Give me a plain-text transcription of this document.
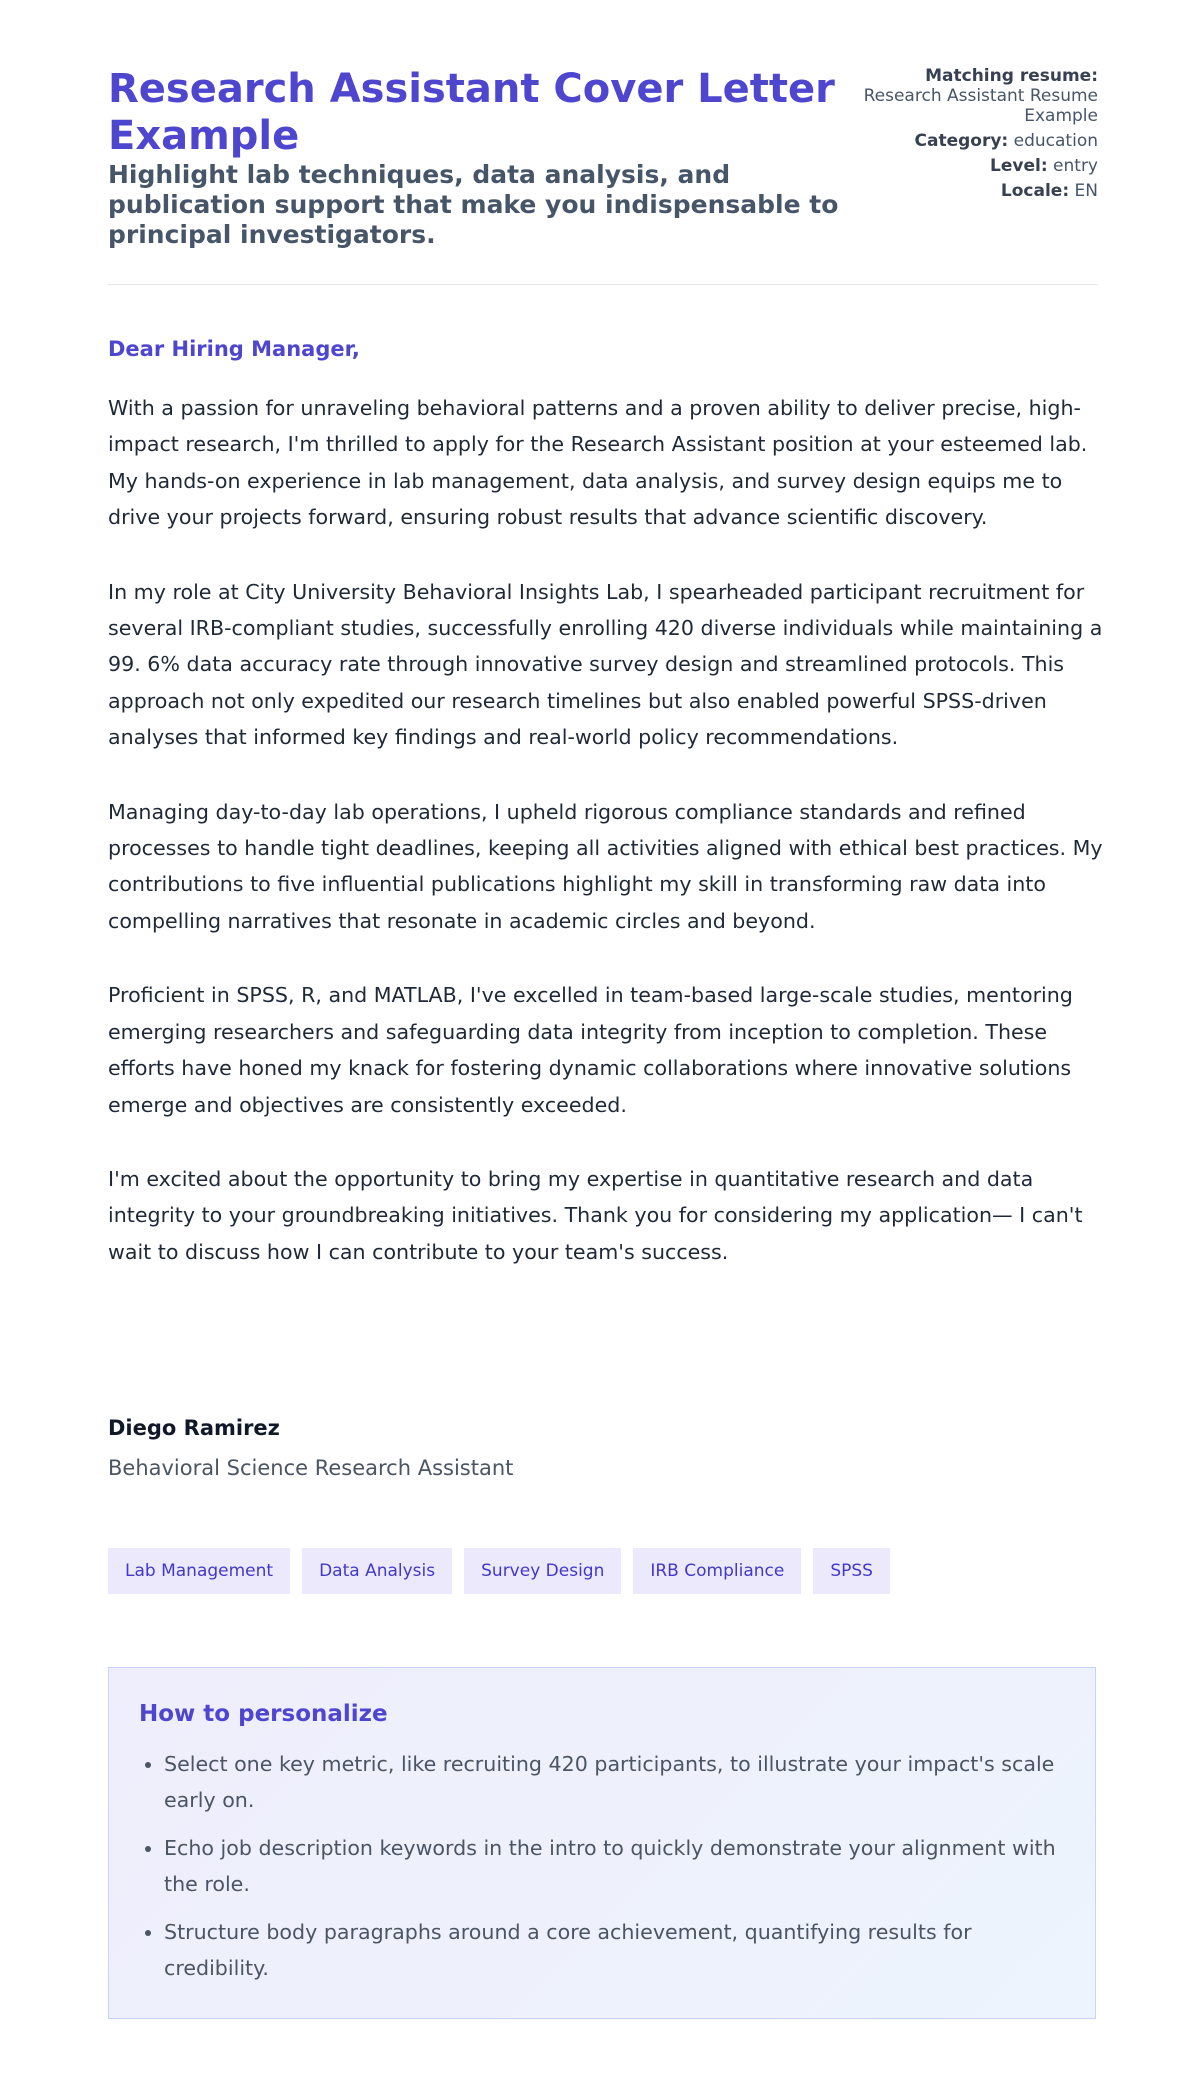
Research Assistant Cover Letter Example
Highlight lab techniques, data analysis, and publication support that make you indispensable to principal investigators.
Matching resume:
Research Assistant Resume Example
Category: education
Level: entry
Locale: EN
Dear Hiring Manager,

With a passion for unraveling behavioral patterns and a proven ability to deliver precise, high-impact research, I'm thrilled to apply for the Research Assistant position at your esteemed lab. My hands-on experience in lab management, data analysis, and survey design equips me to drive your projects forward, ensuring robust results that advance scientific discovery.

In my role at City University Behavioral Insights Lab, I spearheaded participant recruitment for several IRB-compliant studies, successfully enrolling 420 diverse individuals while maintaining a 99. 6% data accuracy rate through innovative survey design and streamlined protocols. This approach not only expedited our research timelines but also enabled powerful SPSS-driven analyses that informed key findings and real-world policy recommendations.

Managing day-to-day lab operations, I upheld rigorous compliance standards and refined processes to handle tight deadlines, keeping all activities aligned with ethical best practices. My contributions to five influential publications highlight my skill in transforming raw data into compelling narratives that resonate in academic circles and beyond.

Proficient in SPSS, R, and MATLAB, I've excelled in team-based large-scale studies, mentoring emerging researchers and safeguarding data integrity from inception to completion. These efforts have honed my knack for fostering dynamic collaborations where innovative solutions emerge and objectives are consistently exceeded.

I'm excited about the opportunity to bring my expertise in quantitative research and data integrity to your groundbreaking initiatives. Thank you for considering my application— I can't wait to discuss how I can contribute to your team's success.

Diego Ramirez
Behavioral Science Research Assistant
Lab Management	Data Analysis	Survey Design	IRB Compliance	SPSS
How to personalize
• Select one key metric, like recruiting 420 participants, to illustrate your impact's scale early on.
• Echo job description keywords in the intro to quickly demonstrate your alignment with the role.
• Structure body paragraphs around a core achievement, quantifying results for credibility.
